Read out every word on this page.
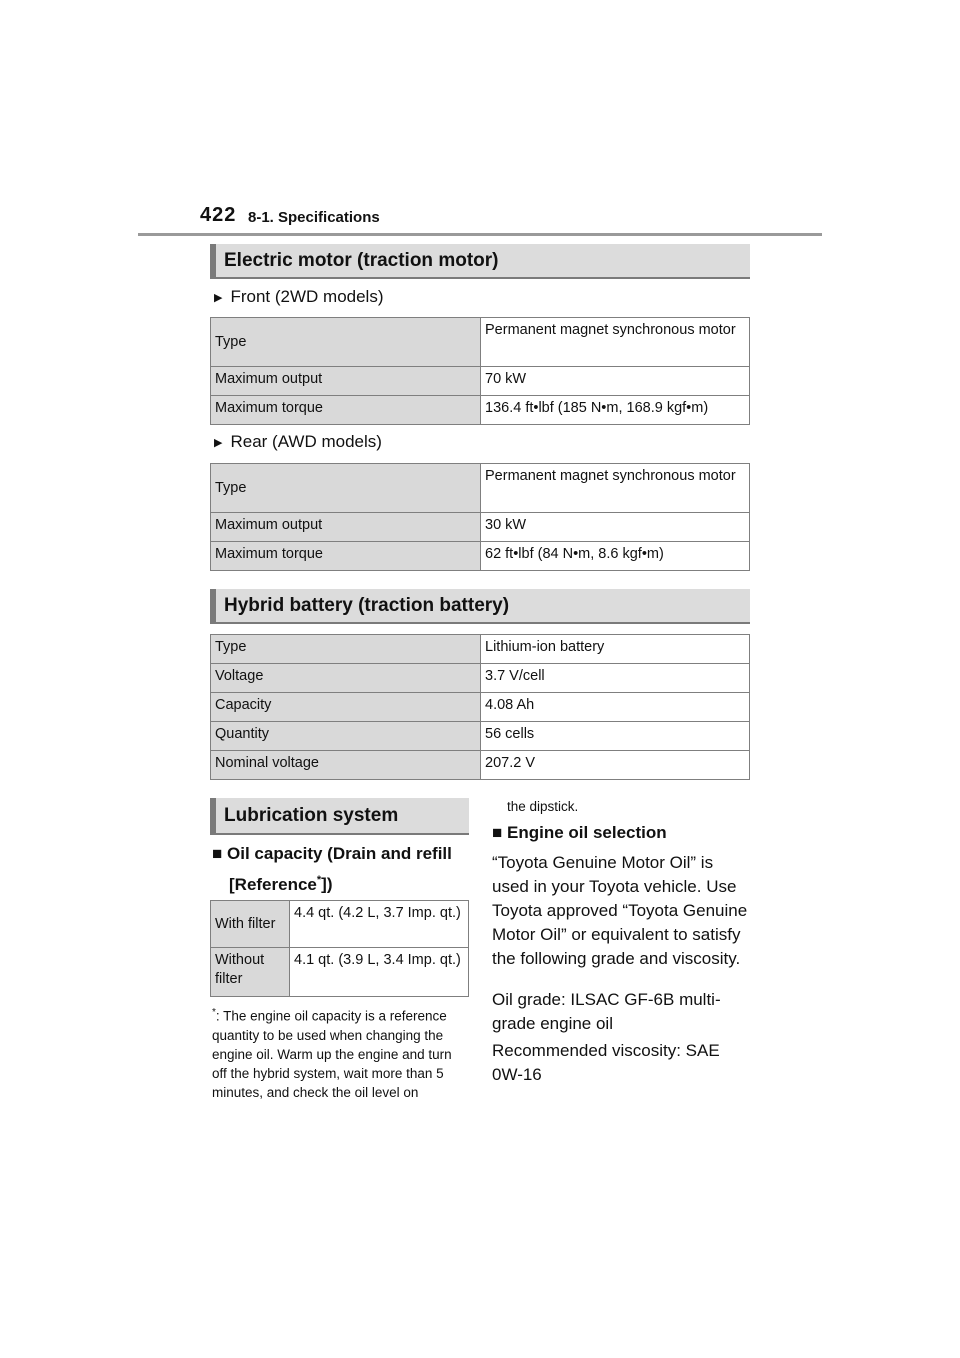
422 8-1. Specifications
Electric motor (traction motor)
▶ Front (2WD models)
Type	Permanent magnet synchronous motor
Maximum output	70 kW
Maximum torque	136.4 ft•lbf (185 N•m, 168.9 kgf•m)
▶ Rear (AWD models)
Type	Permanent magnet synchronous motor
Maximum output	30 kW
Maximum torque	62 ft•lbf (84 N•m, 8.6 kgf•m)
Hybrid battery (traction battery)
Type	Lithium-ion battery
Voltage	3.7 V/cell
Capacity	4.08 Ah
Quantity	56 cells
Nominal voltage	207.2 V
Lubrication system
■ Oil capacity (Drain and refill
[Reference*])
With filter	4.4 qt. (4.2 L, 3.7 Imp. qt.)
Without filter	4.1 qt. (3.9 L, 3.4 Imp. qt.)
*: The engine oil capacity is a reference quantity to be used when changing the engine oil. Warm up the engine and turn off the hybrid system, wait more than 5 minutes, and check the oil level on
the dipstick.
■ Engine oil selection
“Toyota Genuine Motor Oil” is used in your Toyota vehicle. Use Toyota approved “Toyota Genuine Motor Oil” or equivalent to satisfy the following grade and viscosity.
Oil grade: ILSAC GF-6B multi-grade engine oil
Recommended viscosity: SAE 0W-16
